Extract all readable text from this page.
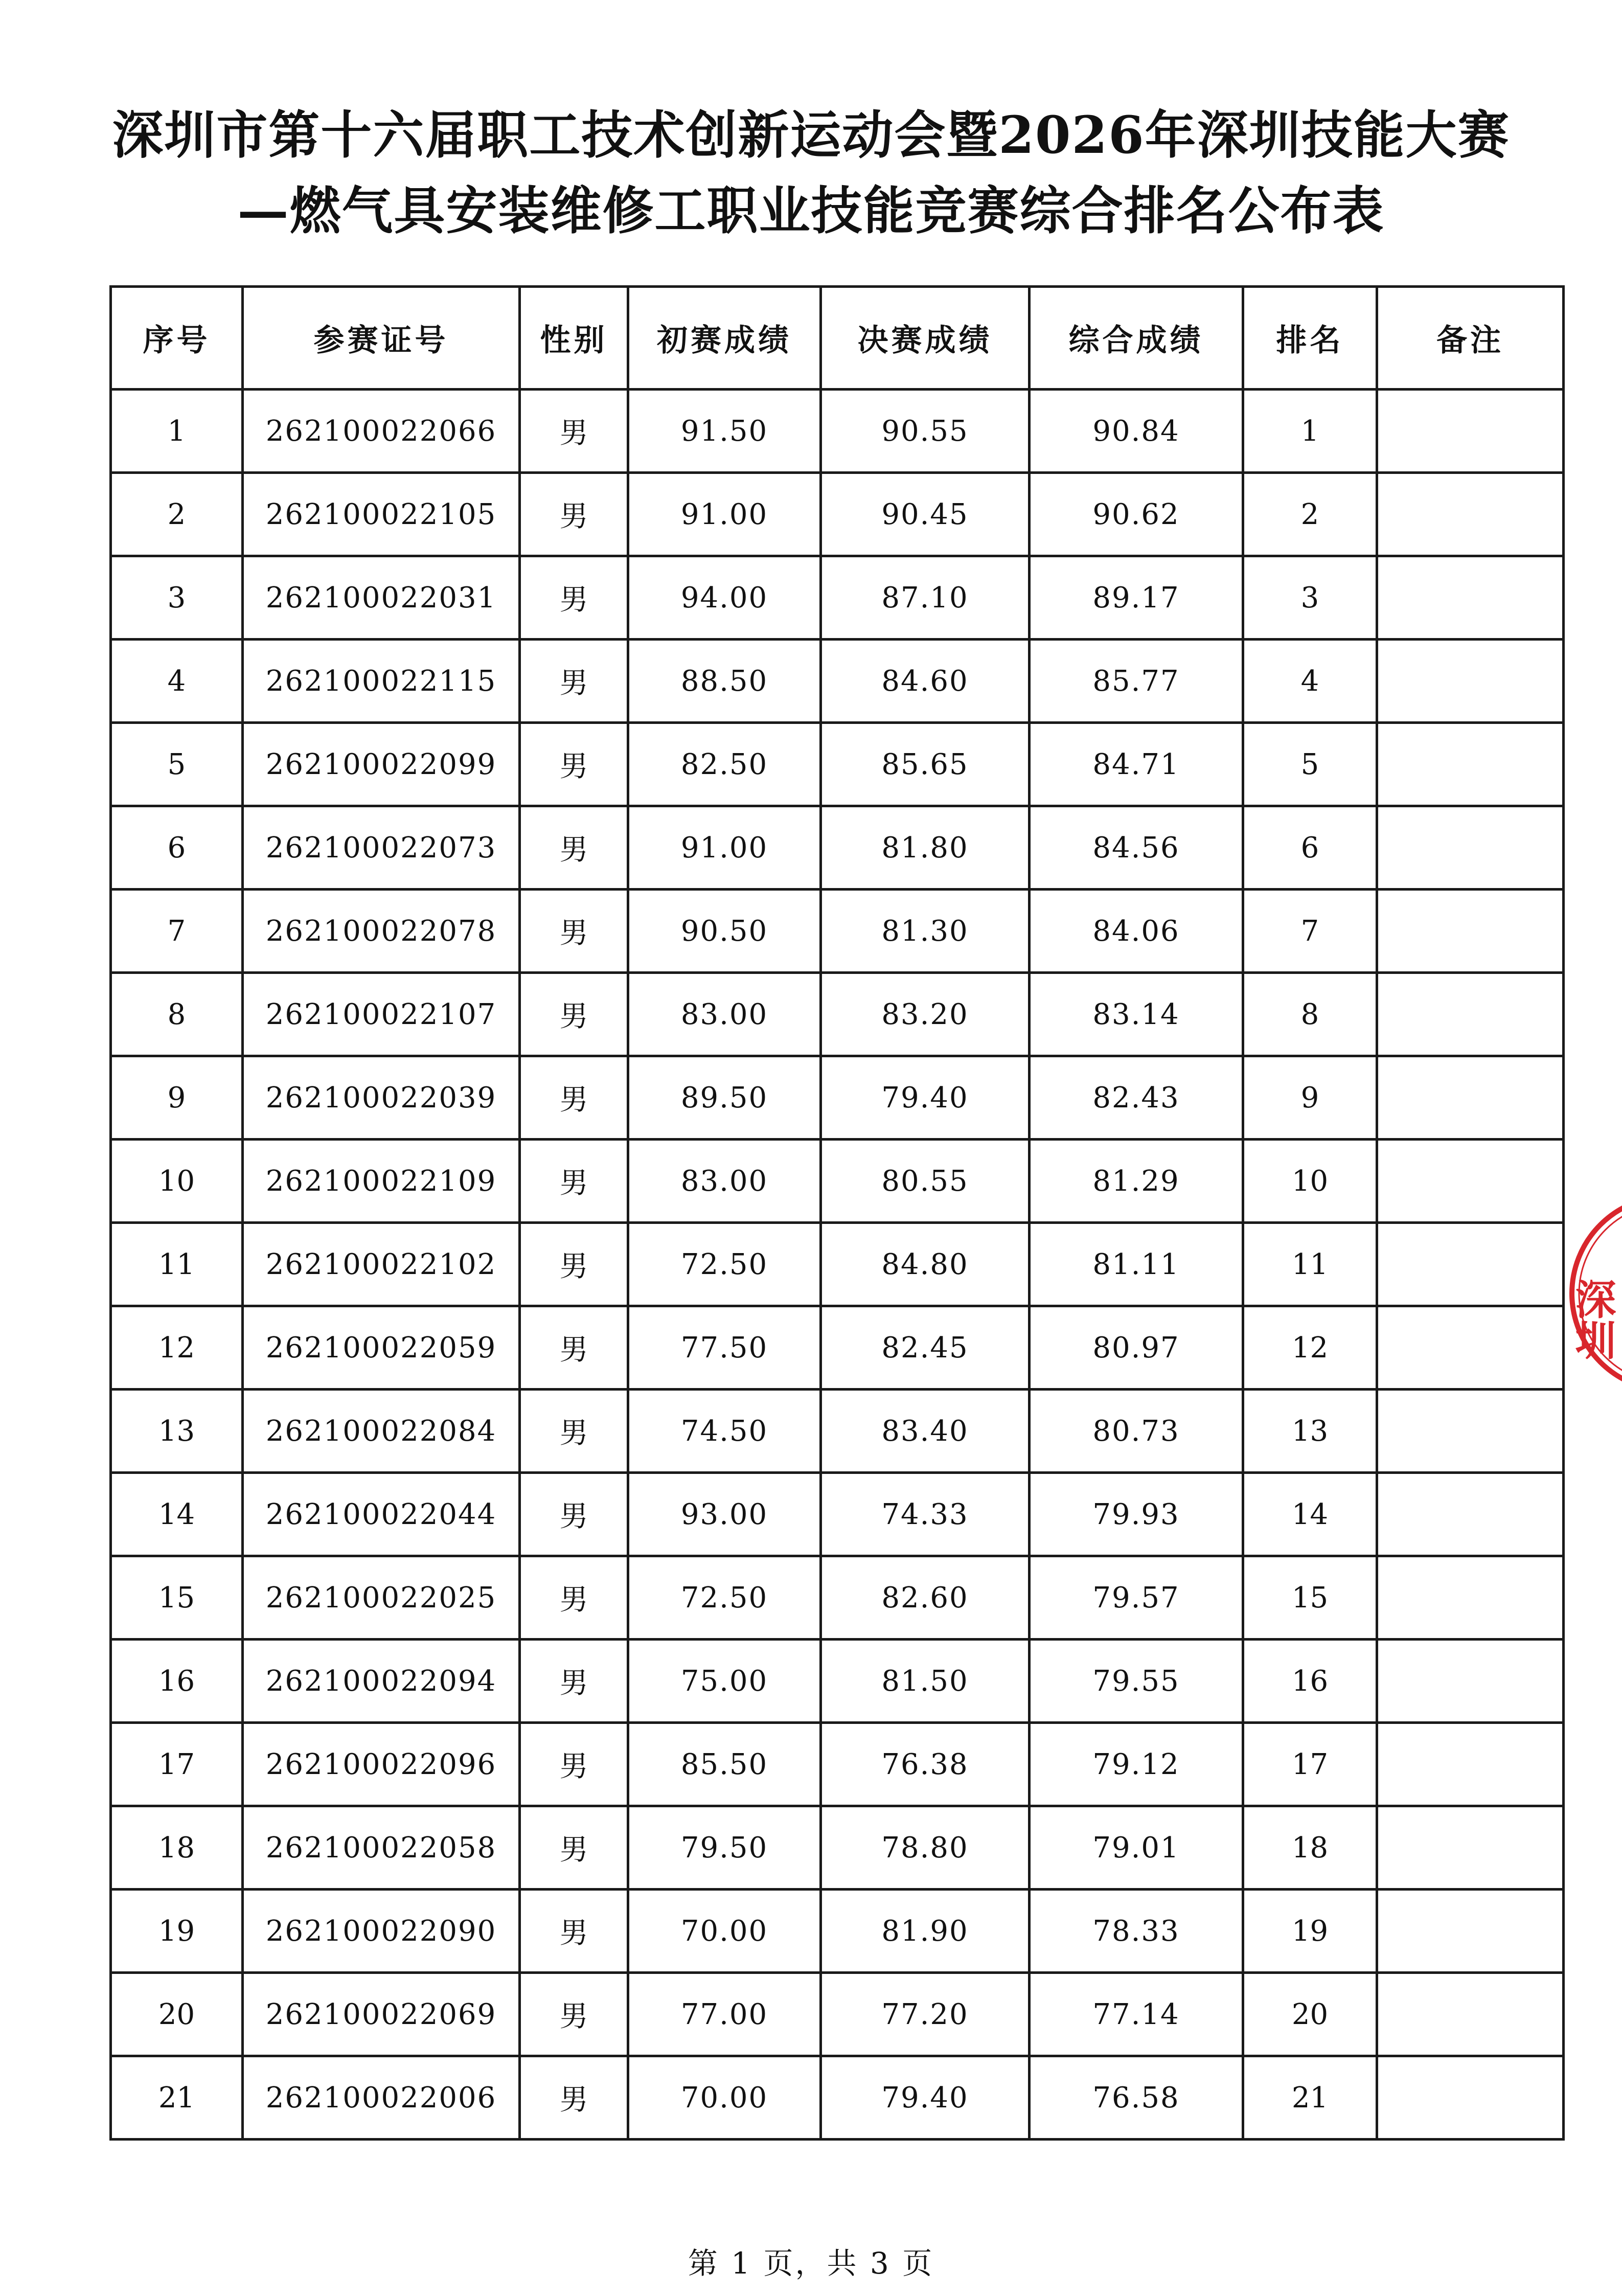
深圳市第十六届职工技术创新运动会暨2026年深圳技能大赛
—燃气具安装维修工职业技能竞赛综合排名公布表
序号	参赛证号	性别	初赛成绩	决赛成绩	综合成绩	排名	备注
1	262100022066	男	91.50	90.55	90.84	1	
2	262100022105	男	91.00	90.45	90.62	2	
3	262100022031	男	94.00	87.10	89.17	3	
4	262100022115	男	88.50	84.60	85.77	4	
5	262100022099	男	82.50	85.65	84.71	5	
6	262100022073	男	91.00	81.80	84.56	6	
7	262100022078	男	90.50	81.30	84.06	7	
8	262100022107	男	83.00	83.20	83.14	8	
9	262100022039	男	89.50	79.40	82.43	9	
10	262100022109	男	83.00	80.55	81.29	10	
11	262100022102	男	72.50	84.80	81.11	11	
12	262100022059	男	77.50	82.45	80.97	12	
13	262100022084	男	74.50	83.40	80.73	13	
14	262100022044	男	93.00	74.33	79.93	14	
15	262100022025	男	72.50	82.60	79.57	15	
16	262100022094	男	75.00	81.50	79.55	16	
17	262100022096	男	85.50	76.38	79.12	17	
18	262100022058	男	79.50	78.80	79.01	18	
19	262100022090	男	70.00	81.90	78.33	19	
20	262100022069	男	77.00	77.20	77.14	20	
21	262100022006	男	70.00	79.40	76.58	21	
第 1 页，共 3 页
深圳
